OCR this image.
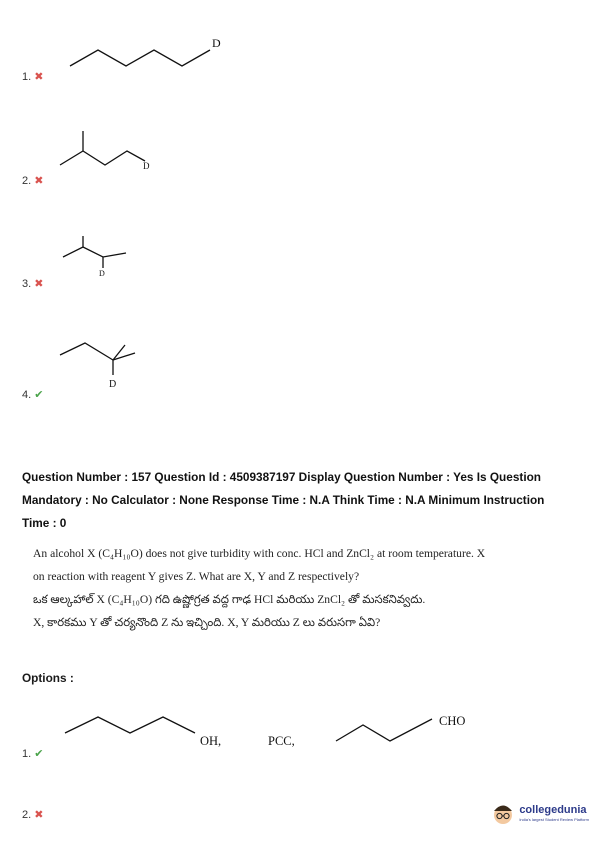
D
1. ✖
D
2. ✖
D
3. ✖
D
4. ✔
Question Number : 157 Question Id : 4509387197 Display Question Number : Yes Is Question
Mandatory : No Calculator : None Response Time : N.A Think Time : N.A Minimum Instruction
Time : 0
An alcohol X (C₄H₁₀O) does not give turbidity with conc. HCl and ZnCl₂ at room temperature. X
on reaction with reagent Y gives Z. What are X, Y and Z respectively?
ఒక ఆల్కహాల్ X (C₄H₁₀O) గది ఉష్ణోగ్రత వద్ద గాఢ HCl మరియు ZnCl₂ తో మసకనివ్వదు.
X, కారకము Y తో చర్యనొంది Z ను ఇచ్చింది. X, Y మరియు Z లు వరుసగా ఏవి?
Options :
OH,	PCC,
CHO
1. ✔
2. ✖	collegedunia
India's largest Student Review Platform
